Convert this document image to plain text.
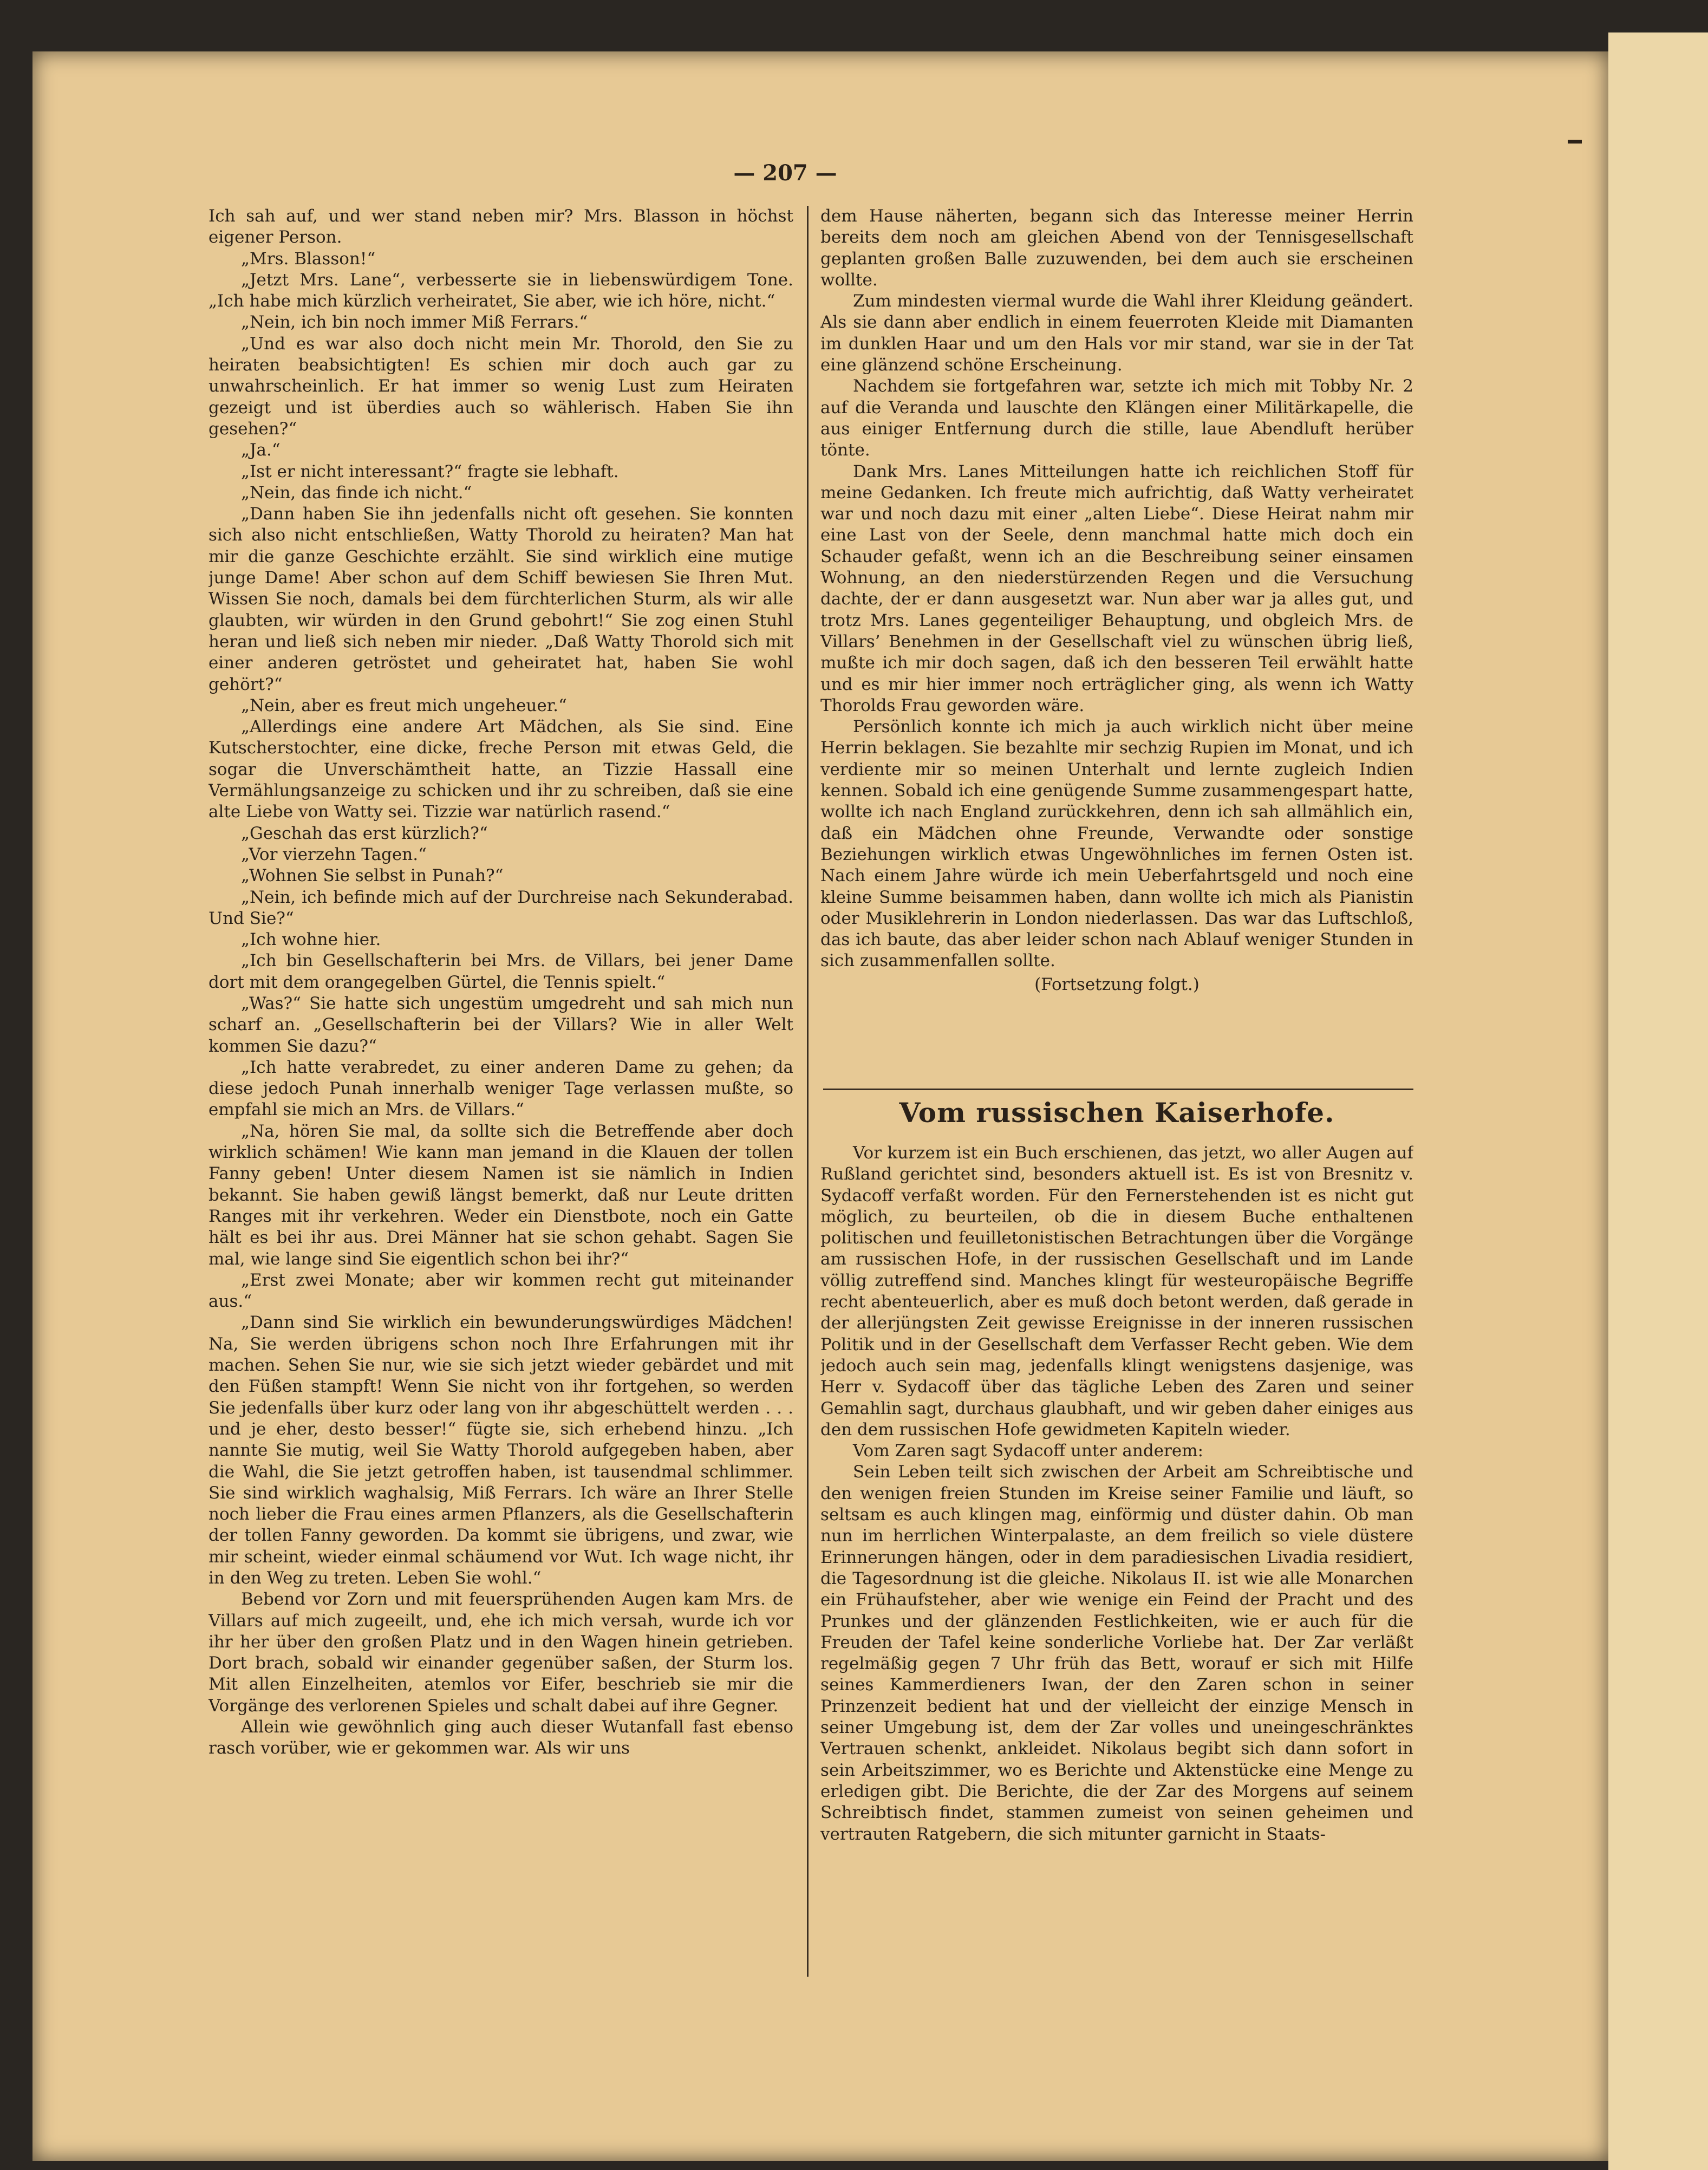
— 207 —

Ich sah auf, und wer stand neben mir? Mrs. Blasson in höchst eigener Person.

„Mrs. Blasson!“

„Jetzt Mrs. Lane“, verbesserte sie in liebenswürdigem Tone. „Ich habe mich kürzlich verheiratet, Sie aber, wie ich höre, nicht.“

„Nein, ich bin noch immer Miß Ferrars.“

„Und es war also doch nicht mein Mr. Thorold, den Sie zu heiraten beabsichtigten! Es schien mir doch auch gar zu unwahrscheinlich. Er hat immer so wenig Lust zum Heiraten gezeigt und ist überdies auch so wählerisch. Haben Sie ihn gesehen?“

„Ja.“

„Ist er nicht interessant?“ fragte sie lebhaft.

„Nein, das finde ich nicht.“

„Dann haben Sie ihn jedenfalls nicht oft gesehen. Sie konnten sich also nicht entschließen, Watty Thorold zu heiraten? Man hat mir die ganze Geschichte erzählt. Sie sind wirklich eine mutige junge Dame! Aber schon auf dem Schiff bewiesen Sie Ihren Mut. Wissen Sie noch, damals bei dem fürchterlichen Sturm, als wir alle glaubten, wir würden in den Grund gebohrt!“ Sie zog einen Stuhl heran und ließ sich neben mir nieder. „Daß Watty Thorold sich mit einer anderen getröstet und geheiratet hat, haben Sie wohl gehört?“

„Nein, aber es freut mich ungeheuer.“

„Allerdings eine andere Art Mädchen, als Sie sind. Eine Kutscherstochter, eine dicke, freche Person mit etwas Geld, die sogar die Unverschämtheit hatte, an Tizzie Hassall eine Vermählungsanzeige zu schicken und ihr zu schreiben, daß sie eine alte Liebe von Watty sei. Tizzie war natürlich rasend.“

„Geschah das erst kürzlich?“

„Vor vierzehn Tagen.“

„Wohnen Sie selbst in Punah?“

„Nein, ich befinde mich auf der Durchreise nach Sekunderabad. Und Sie?“

„Ich wohne hier.

„Ich bin Gesellschafterin bei Mrs. de Villars, bei jener Dame dort mit dem orangegelben Gürtel, die Tennis spielt.“

„Was?“ Sie hatte sich ungestüm umgedreht und sah mich nun scharf an. „Gesellschafterin bei der Villars? Wie in aller Welt kommen Sie dazu?“

„Ich hatte verabredet, zu einer anderen Dame zu gehen; da diese jedoch Punah innerhalb weniger Tage verlassen mußte, so empfahl sie mich an Mrs. de Villars.“

„Na, hören Sie mal, da sollte sich die Betreffende aber doch wirklich schämen! Wie kann man jemand in die Klauen der tollen Fanny geben! Unter diesem Namen ist sie nämlich in Indien bekannt. Sie haben gewiß längst bemerkt, daß nur Leute dritten Ranges mit ihr verkehren. Weder ein Dienstbote, noch ein Gatte hält es bei ihr aus. Drei Männer hat sie schon gehabt. Sagen Sie mal, wie lange sind Sie eigentlich schon bei ihr?“

„Erst zwei Monate; aber wir kommen recht gut miteinander aus.“

„Dann sind Sie wirklich ein bewunderungswürdiges Mädchen! Na, Sie werden übrigens schon noch Ihre Erfahrungen mit ihr machen. Sehen Sie nur, wie sie sich jetzt wieder gebärdet und mit den Füßen stampft! Wenn Sie nicht von ihr fortgehen, so werden Sie jedenfalls über kurz oder lang von ihr abgeschüttelt werden . . . und je eher, desto besser!“ fügte sie, sich erhebend hinzu. „Ich nannte Sie mutig, weil Sie Watty Thorold aufgegeben haben, aber die Wahl, die Sie jetzt getroffen haben, ist tausendmal schlimmer. Sie sind wirklich waghalsig, Miß Ferrars. Ich wäre an Ihrer Stelle noch lieber die Frau eines armen Pflanzers, als die Gesellschafterin der tollen Fanny geworden. Da kommt sie übrigens, und zwar, wie mir scheint, wieder einmal schäumend vor Wut. Ich wage nicht, ihr in den Weg zu treten. Leben Sie wohl.“

Bebend vor Zorn und mit feuersprühenden Augen kam Mrs. de Villars auf mich zugeeilt, und, ehe ich mich versah, wurde ich vor ihr her über den großen Platz und in den Wagen hinein getrieben. Dort brach, sobald wir einander gegenüber saßen, der Sturm los. Mit allen Einzelheiten, atemlos vor Eifer, beschrieb sie mir die Vorgänge des verlorenen Spieles und schalt dabei auf ihre Gegner.

Allein wie gewöhnlich ging auch dieser Wutanfall fast ebenso rasch vorüber, wie er gekommen war. Als wir uns

dem Hause näherten, begann sich das Interesse meiner Herrin bereits dem noch am gleichen Abend von der Tennisgesellschaft geplanten großen Balle zuzuwenden, bei dem auch sie erscheinen wollte.

Zum mindesten viermal wurde die Wahl ihrer Kleidung geändert. Als sie dann aber endlich in einem feuerroten Kleide mit Diamanten im dunklen Haar und um den Hals vor mir stand, war sie in der Tat eine glänzend schöne Erscheinung.

Nachdem sie fortgefahren war, setzte ich mich mit Tobby Nr. 2 auf die Veranda und lauschte den Klängen einer Militärkapelle, die aus einiger Entfernung durch die stille, laue Abendluft herüber tönte.

Dank Mrs. Lanes Mitteilungen hatte ich reichlichen Stoff für meine Gedanken. Ich freute mich aufrichtig, daß Watty verheiratet war und noch dazu mit einer „alten Liebe“. Diese Heirat nahm mir eine Last von der Seele, denn manchmal hatte mich doch ein Schauder gefaßt, wenn ich an die Beschreibung seiner einsamen Wohnung, an den niederstürzenden Regen und die Versuchung dachte, der er dann ausgesetzt war. Nun aber war ja alles gut, und trotz Mrs. Lanes gegenteiliger Behauptung, und obgleich Mrs. de Villars’ Benehmen in der Gesellschaft viel zu wünschen übrig ließ, mußte ich mir doch sagen, daß ich den besseren Teil erwählt hatte und es mir hier immer noch erträglicher ging, als wenn ich Watty Thorolds Frau geworden wäre.

Persönlich konnte ich mich ja auch wirklich nicht über meine Herrin beklagen. Sie bezahlte mir sechzig Rupien im Monat, und ich verdiente mir so meinen Unterhalt und lernte zugleich Indien kennen. Sobald ich eine genügende Summe zusammengespart hatte, wollte ich nach England zurückkehren, denn ich sah allmählich ein, daß ein Mädchen ohne Freunde, Verwandte oder sonstige Beziehungen wirklich etwas Ungewöhnliches im fernen Osten ist. Nach einem Jahre würde ich mein Ueberfahrtsgeld und noch eine kleine Summe beisammen haben, dann wollte ich mich als Pianistin oder Musiklehrerin in London niederlassen. Das war das Luftschloß, das ich baute, das aber leider schon nach Ablauf weniger Stunden in sich zusammenfallen sollte.

(Fortsetzung folgt.)

Vom russischen Kaiserhofe.

Vor kurzem ist ein Buch erschienen, das jetzt, wo aller Augen auf Rußland gerichtet sind, besonders aktuell ist. Es ist von Bresnitz v. Sydacoff verfaßt worden. Für den Fernerstehenden ist es nicht gut möglich, zu beurteilen, ob die in diesem Buche enthaltenen politischen und feuilletonistischen Betrachtungen über die Vorgänge am russischen Hofe, in der russischen Gesellschaft und im Lande völlig zutreffend sind. Manches klingt für westeuropäische Begriffe recht abenteuerlich, aber es muß doch betont werden, daß gerade in der allerjüngsten Zeit gewisse Ereignisse in der inneren russischen Politik und in der Gesellschaft dem Verfasser Recht geben. Wie dem jedoch auch sein mag, jedenfalls klingt wenigstens dasjenige, was Herr v. Sydacoff über das tägliche Leben des Zaren und seiner Gemahlin sagt, durchaus glaubhaft, und wir geben daher einiges aus den dem russischen Hofe gewidmeten Kapiteln wieder.

Vom Zaren sagt Sydacoff unter anderem:

Sein Leben teilt sich zwischen der Arbeit am Schreibtische und den wenigen freien Stunden im Kreise seiner Familie und läuft, so seltsam es auch klingen mag, einförmig und düster dahin. Ob man nun im herrlichen Winterpalaste, an dem freilich so viele düstere Erinnerungen hängen, oder in dem paradiesischen Livadia residiert, die Tagesordnung ist die gleiche. Nikolaus II. ist wie alle Monarchen ein Frühaufsteher, aber wie wenige ein Feind der Pracht und des Prunkes und der glänzenden Festlichkeiten, wie er auch für die Freuden der Tafel keine sonderliche Vorliebe hat. Der Zar verläßt regelmäßig gegen 7 Uhr früh das Bett, worauf er sich mit Hilfe seines Kammerdieners Iwan, der den Zaren schon in seiner Prinzenzeit bedient hat und der vielleicht der einzige Mensch in seiner Umgebung ist, dem der Zar volles und uneingeschränktes Vertrauen schenkt, ankleidet. Nikolaus begibt sich dann sofort in sein Arbeitszimmer, wo es Berichte und Aktenstücke eine Menge zu erledigen gibt. Die Berichte, die der Zar des Morgens auf seinem Schreibtisch findet, stammen zumeist von seinen geheimen und vertrauten Ratgebern, die sich mitunter garnicht in Staats-
